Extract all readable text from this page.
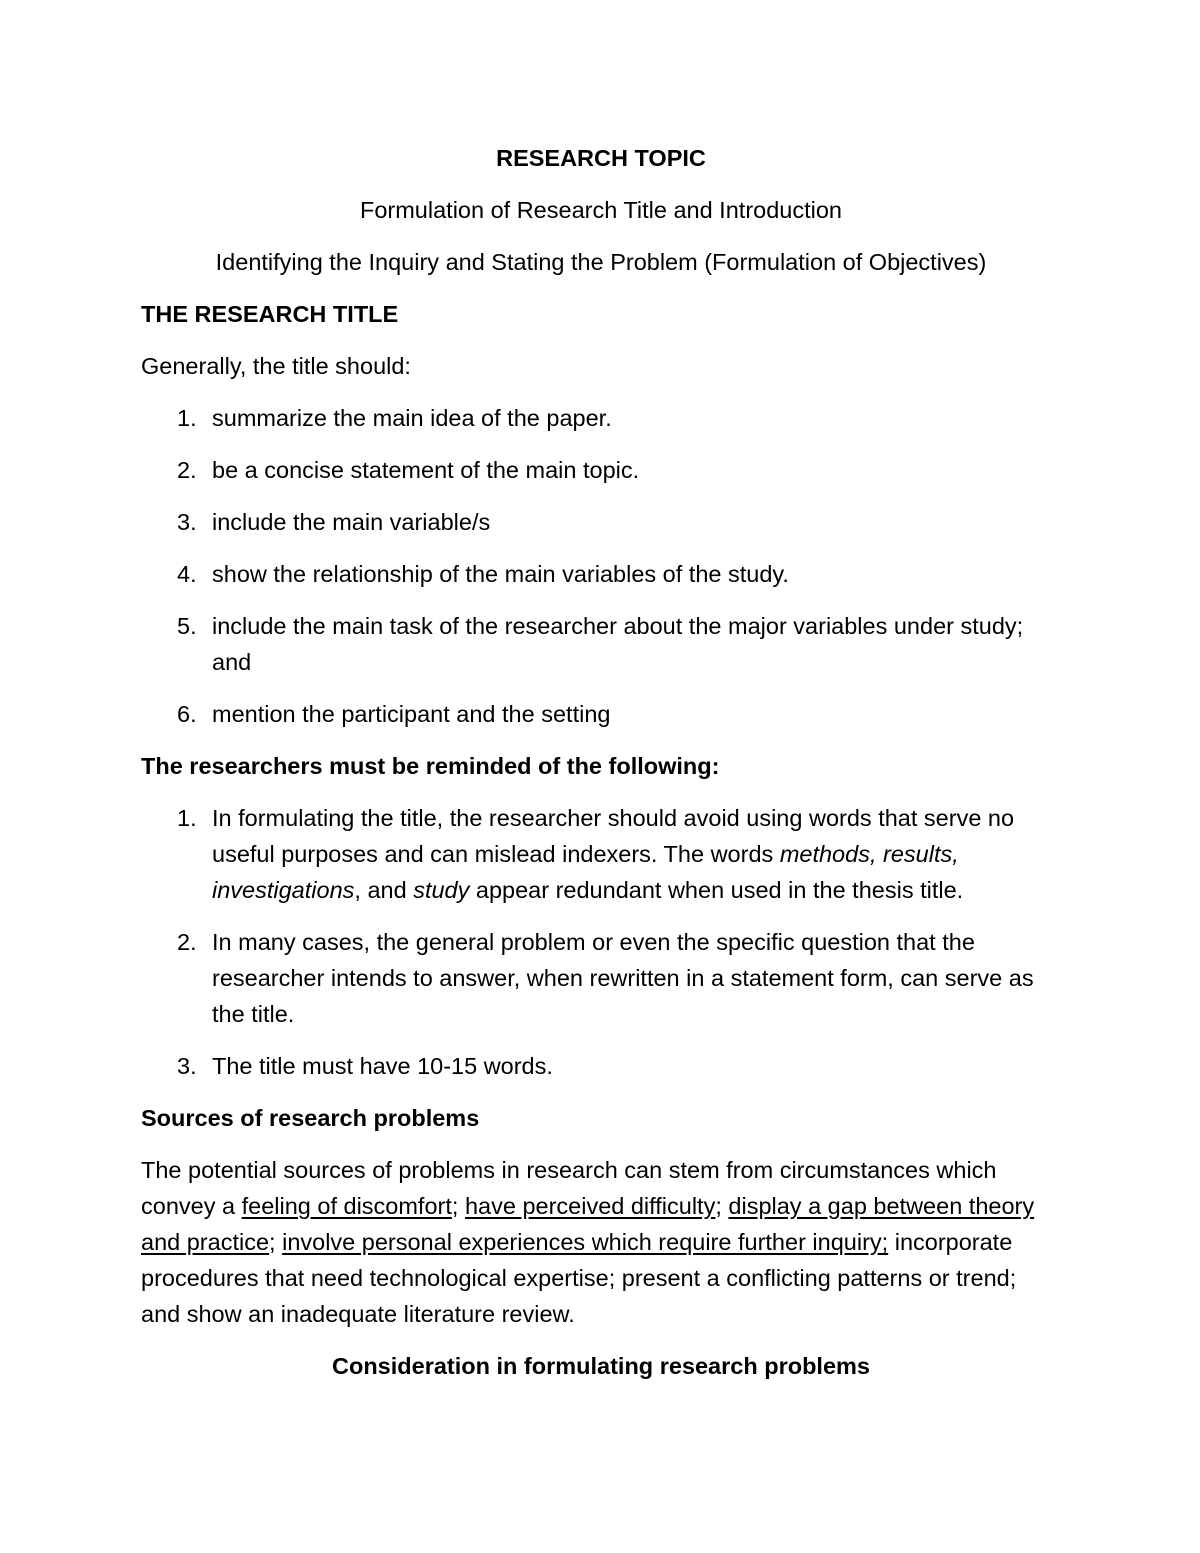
RESEARCH TOPIC

Formulation of Research Title and Introduction

Identifying the Inquiry and Stating the Problem (Formulation of Objectives)

THE RESEARCH TITLE

Generally, the title should:

1. summarize the main idea of the paper.
2. be a concise statement of the main topic.
3. include the main variable/s
4. show the relationship of the main variables of the study.
5. include the main task of the researcher about the major variables under study; and
6. mention the participant and the setting

The researchers must be reminded of the following:

1. In formulating the title, the researcher should avoid using words that serve no useful purposes and can mislead indexers. The words methods, results, investigations, and study appear redundant when used in the thesis title.
2. In many cases, the general problem or even the specific question that the researcher intends to answer, when rewritten in a statement form, can serve as the title.
3. The title must have 10-15 words.

Sources of research problems

The potential sources of problems in research can stem from circumstances which convey a feeling of discomfort; have perceived difficulty; display a gap between theory and practice; involve personal experiences which require further inquiry; incorporate procedures that need technological expertise; present a conflicting patterns or trend; and show an inadequate literature review.

Consideration in formulating research problems
